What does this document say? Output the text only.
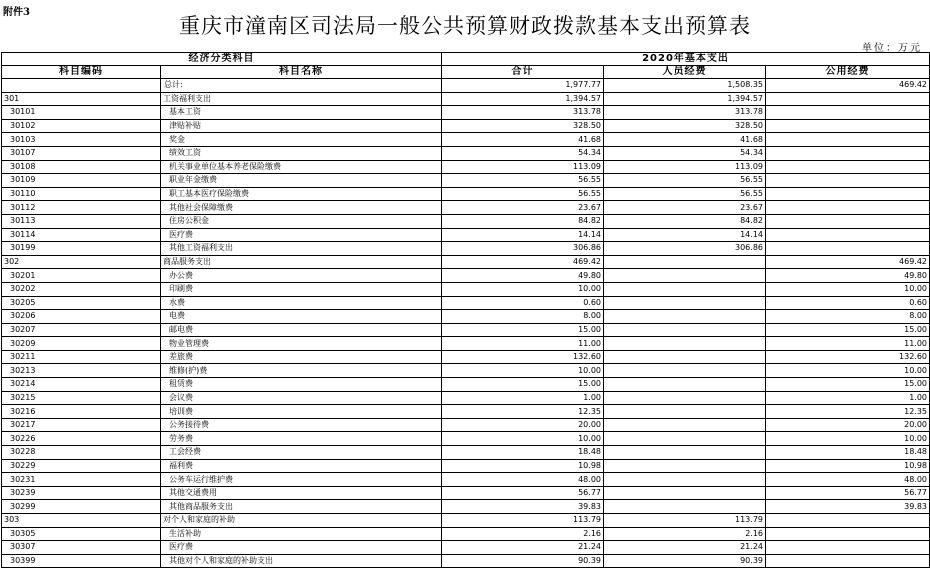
附件3
重庆市潼南区司法局一般公共预算财政拨款基本支出预算表
单位：万元
经济分类科目		2020年基本支出		
科目编码	科目名称	合计	人员经费	公用经费
	总计:	1,977.77	1,508.35	469.42
301	工资福利支出	1,394.57	1,394.57	
30101	基本工资	313.78	313.78	
30102	津贴补贴	328.50	328.50	
30103	奖金	41.68	41.68	
30107	绩效工资	54.34	54.34	
30108	机关事业单位基本养老保险缴费	113.09	113.09	
30109	职业年金缴费	56.55	56.55	
30110	职工基本医疗保险缴费	56.55	56.55	
30112	其他社会保障缴费	23.67	23.67	
30113	住房公积金	84.82	84.82	
30114	医疗费	14.14	14.14	
30199	其他工资福利支出	306.86	306.86	
302	商品服务支出	469.42		469.42
30201	办公费	49.80		49.80
30202	印刷费	10.00		10.00
30205	水费	0.60		0.60
30206	电费	8.00		8.00
30207	邮电费	15.00		15.00
30209	物业管理费	11.00		11.00
30211	差旅费	132.60		132.60
30213	维修(护)费	10.00		10.00
30214	租赁费	15.00		15.00
30215	会议费	1.00		1.00
30216	培训费	12.35		12.35
30217	公务接待费	20.00		20.00
30226	劳务费	10.00		10.00
30228	工会经费	18.48		18.48
30229	福利费	10.98		10.98
30231	公务车运行维护费	48.00		48.00
30239	其他交通费用	56.77		56.77
30299	其他商品服务支出	39.83		39.83
303	对个人和家庭的补助	113.79	113.79	
30305	生活补助	2.16	2.16	
30307	医疗费	21.24	21.24	
30399	其他对个人和家庭的补助支出	90.39	90.39	
